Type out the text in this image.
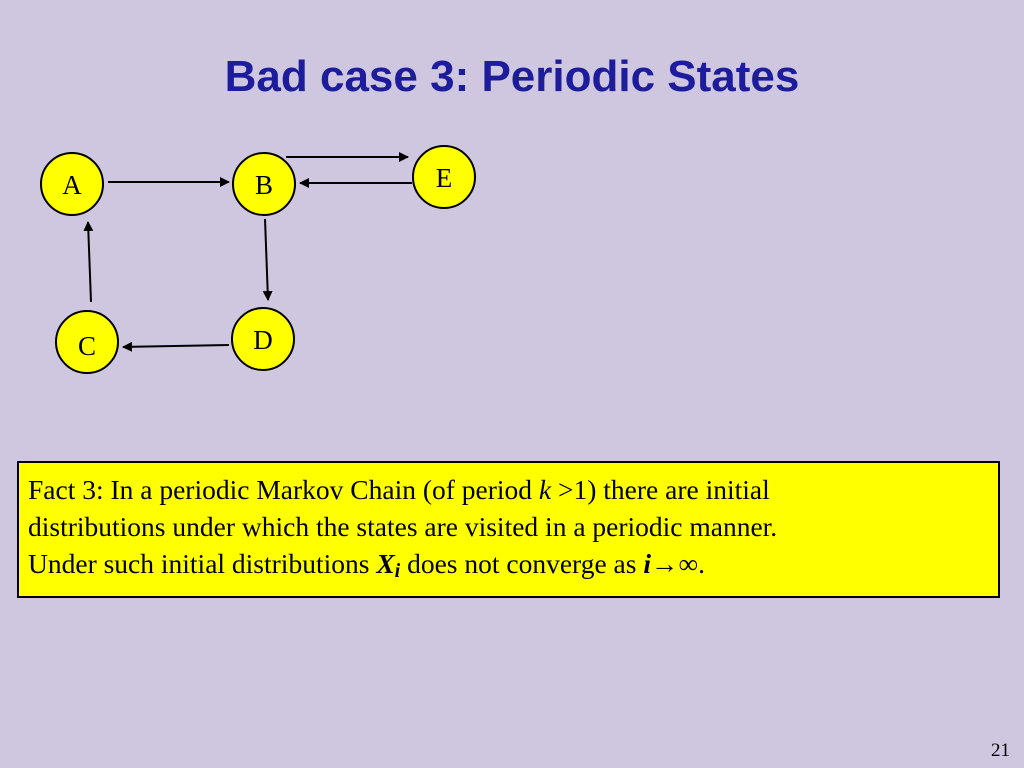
Bad case 3: Periodic States
A	B	E
C	D
Fact 3: In a periodic Markov Chain (of period k >1) there are initial
distributions under which the states are visited in a periodic manner.
Under such initial distributions $X_i$ does not converge as i→∞.
21
